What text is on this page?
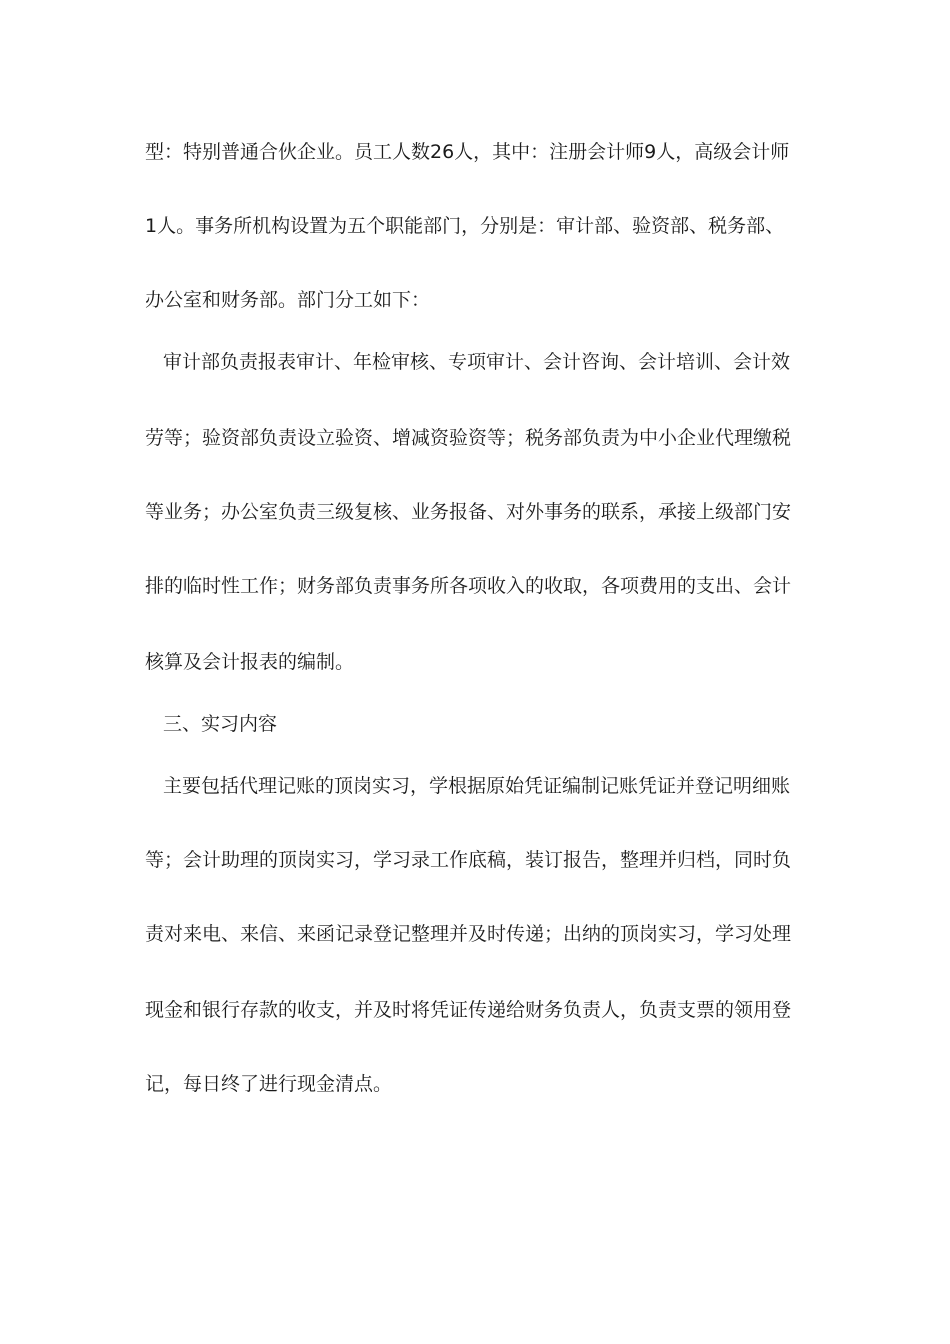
型：特别普通合伙企业。员工人数26人，其中：注册会计师9人，高级会计师
1人。事务所机构设置为五个职能部门，分别是：审计部、验资部、税务部、
办公室和财务部。部门分工如下：
审计部负责报表审计、年检审核、专项审计、会计咨询、会计培训、会计效
劳等；验资部负责设立验资、增减资验资等；税务部负责为中小企业代理缴税
等业务；办公室负责三级复核、业务报备、对外事务的联系，承接上级部门安
排的临时性工作；财务部负责事务所各项收入的收取，各项费用的支出、会计
核算及会计报表的编制。
三、实习内容
主要包括代理记账的顶岗实习，学根据原始凭证编制记账凭证并登记明细账
等；会计助理的顶岗实习，学习录工作底稿，装订报告，整理并归档，同时负
责对来电、来信、来函记录登记整理并及时传递；出纳的顶岗实习，学习处理
现金和银行存款的收支，并及时将凭证传递给财务负责人，负责支票的领用登
记，每日终了进行现金清点。
